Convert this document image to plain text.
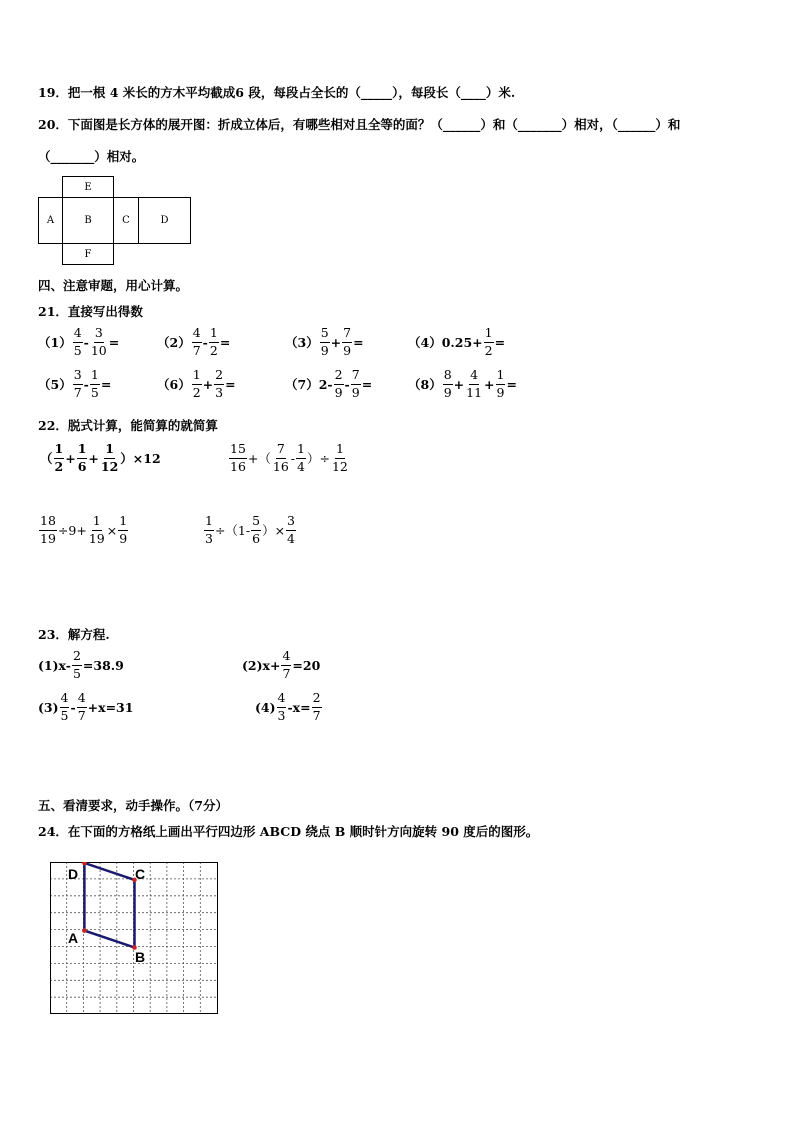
19．把一根 4 米长的方木平均截成6 段，每段占全长的（_____），每段长（____）米.
20．下面图是长方体的展开图：折成立体后，有哪些相对且全等的面？（______）和（_______）相对，（______）和
（_______）相对。
E
A	B	C	D
F
四、注意审题，用心计算。
21．直接写出得数
$(1) \frac{4}{5} - \frac{3}{10}$ =	$(2) \frac{4}{7} - \frac{1}{2}$ =	$(3) \frac{5}{9} + \frac{7}{9}$ =	（4） $0.25+ \frac{1}{2}$ =
$(5) \frac{3}{7} - \frac{1}{5}$ =	$(6) \frac{1}{2} + \frac{2}{3}$ =	（7） $2- \frac{2}{9} - \frac{7}{9}$ =	$(8) \frac{8}{9} + \frac{4}{11} + \frac{1}{9}$ =
22．脱式计算，能简算的就简算
（ $\frac{1}{2} + \frac{1}{6} + \frac{1}{12} )\times 12$	$\frac{15}{16}$ +（ $\frac{7}{16} - \frac{1}{4}$ ）÷ $\frac{1}{12}$
$\frac{18}{19} \div 9+ \frac{1}{19} \times \frac{1}{9}$	$\frac{1}{3} \div(1- \frac{5}{6}$ ）× $\frac{3}{4}$
23．解方程.
$(1)x- \frac{2}{5} =38.9$	$(2)x+ \frac{4}{7} =20$
$(3) \frac{4}{5} - \frac{4}{7} +x=31$	$(4) \frac{4}{3} -x= \frac{2}{7}$
五、看清要求，动手操作。（7分）
24．在下面的方格纸上画出平行四边形 ABCD 绕点 B 顺时针方向旋转 90 度后的图形。
D	C
A
B
